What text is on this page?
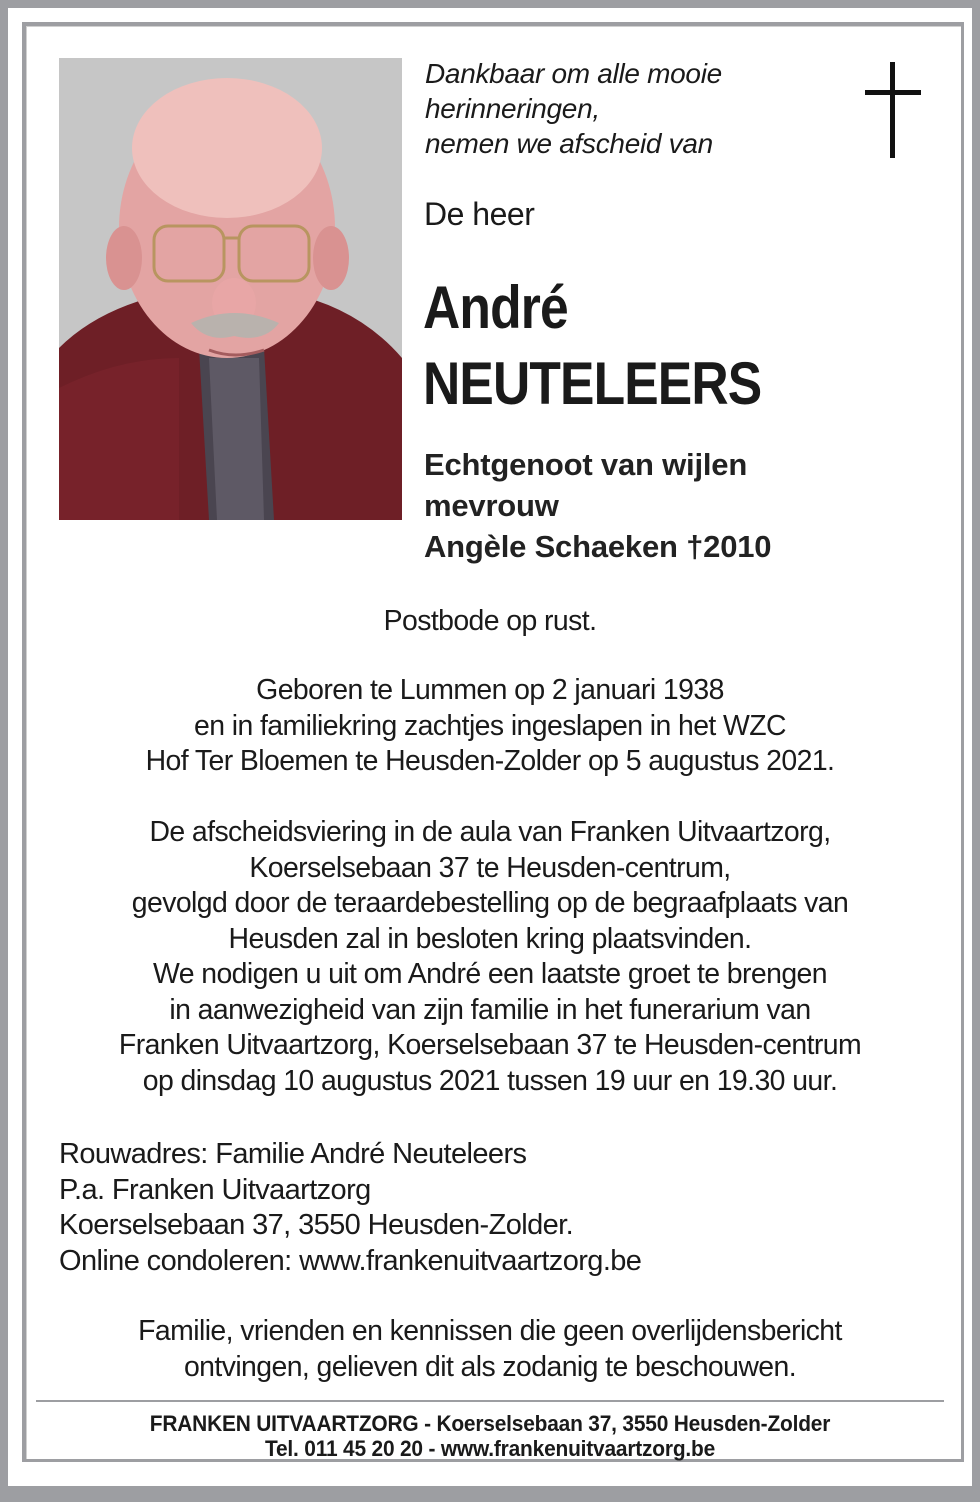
Dankbaar om alle mooie
herinneringen,
nemen we afscheid van
De heer
André
NEUTELEERS
Echtgenoot van wijlen
mevrouw
Angèle Schaeken †2010
Postbode op rust.
Geboren te Lummen op 2 januari 1938
en in familiekring zachtjes ingeslapen in het WZC
Hof Ter Bloemen te Heusden-Zolder op 5 augustus 2021.
De afscheidsviering in de aula van Franken Uitvaartzorg,
Koerselsebaan 37 te Heusden-centrum,
gevolgd door de teraardebestelling op de begraafplaats van
Heusden zal in besloten kring plaatsvinden.
We nodigen u uit om André een laatste groet te brengen
in aanwezigheid van zijn familie in het funerarium van
Franken Uitvaartzorg, Koerselsebaan 37 te Heusden-centrum
op dinsdag 10 augustus 2021 tussen 19 uur en 19.30 uur.
Rouwadres: Familie André Neuteleers
P.a. Franken Uitvaartzorg
Koerselsebaan 37, 3550 Heusden-Zolder.
Online condoleren: www.frankenuitvaartzorg.be
Familie, vrienden en kennissen die geen overlijdensbericht
ontvingen, gelieven dit als zodanig te beschouwen.
FRANKEN UITVAARTZORG - Koerselsebaan 37, 3550 Heusden-Zolder
Tel. 011 45 20 20 - www.frankenuitvaartzorg.be
